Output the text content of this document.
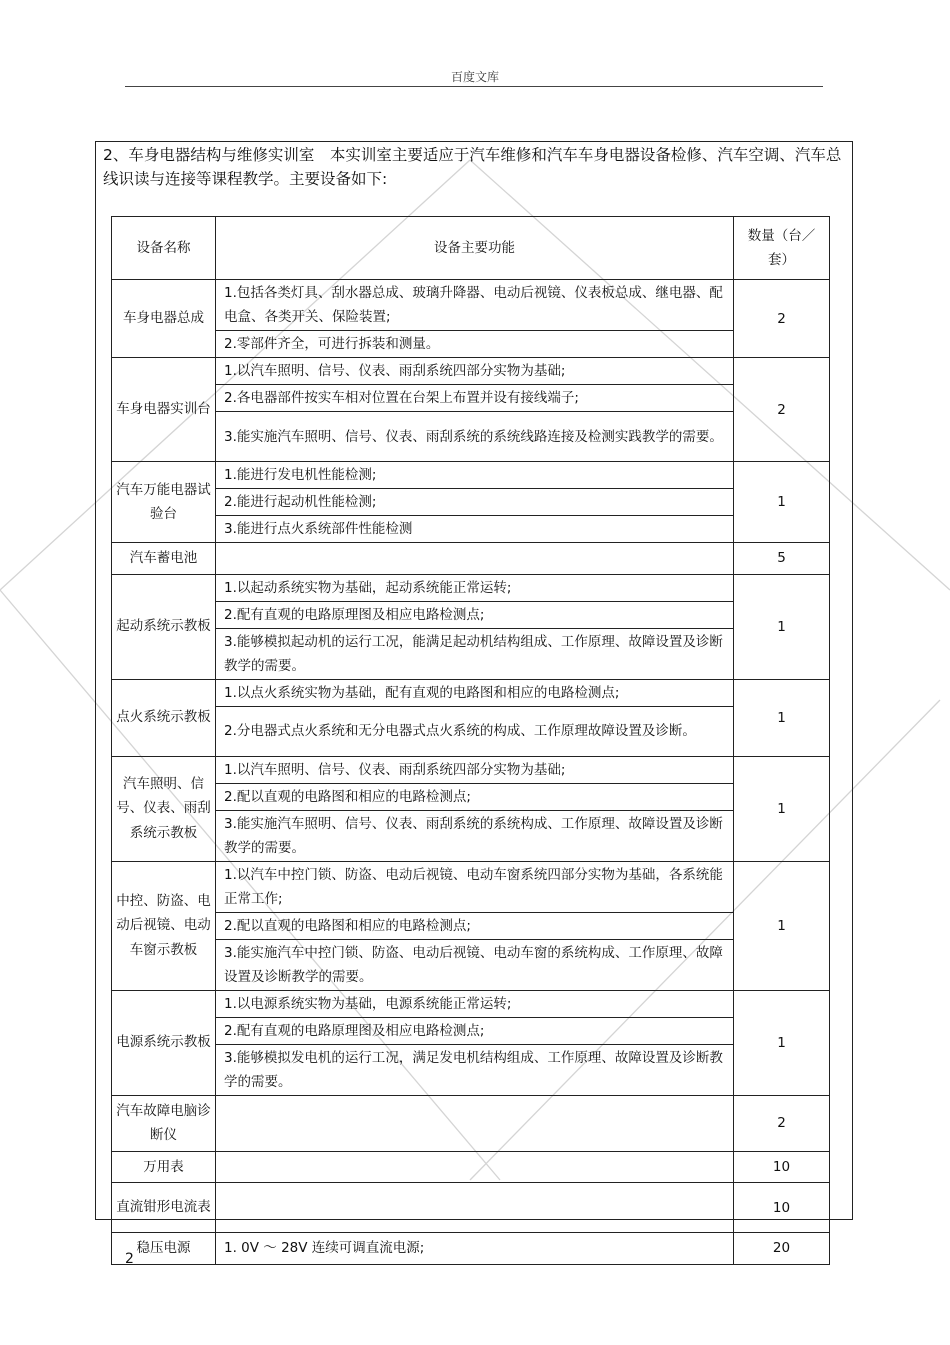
百度文库
2、车身电器结构与维修实训室　本实训室主要适应于汽车维修和汽车车身电器设备检修、汽车空调、汽车总线识读与连接等课程教学。主要设备如下:
设备名称	设备主要功能	数量（台／套）
车身电器总成	1.包括各类灯具、刮水器总成、玻璃升降器、电动后视镜、仪表板总成、继电器、配电盒、各类开关、保险装置;	2
	2.零部件齐全，可进行拆装和测量。	
车身电器实训台	1.以汽车照明、信号、仪表、雨刮系统四部分实物为基础;	2
	2.各电器部件按实车相对位置在台架上布置并设有接线端子;	
	3.能实施汽车照明、信号、仪表、雨刮系统的系统线路连接及检测实践教学的需要。	
汽车万能电器试验台	1.能进行发电机性能检测;	1
	2.能进行起动机性能检测;	
	3.能进行点火系统部件性能检测	
汽车蓄电池		5
起动系统示教板	1.以起动系统实物为基础，起动系统能正常运转;	1
	2.配有直观的电路原理图及相应电路检测点;	
	3.能够模拟起动机的运行工况，能满足起动机结构组成、工作原理、故障设置及诊断教学的需要。	
点火系统示教板	1.以点火系统实物为基础，配有直观的电路图和相应的电路检测点;	1
	2.分电器式点火系统和无分电器式点火系统的构成、工作原理故障设置及诊断。	
汽车照明、信号、仪表、雨刮系统示教板	1.以汽车照明、信号、仪表、雨刮系统四部分实物为基础;	1
	2.配以直观的电路图和相应的电路检测点;	
	3.能实施汽车照明、信号、仪表、雨刮系统的系统构成、工作原理、故障设置及诊断教学的需要。	
中控、防盗、电动后视镜、电动车窗示教板	1.以汽车中控门锁、防盗、电动后视镜、电动车窗系统四部分实物为基础，各系统能正常工作;	1
	2.配以直观的电路图和相应的电路检测点;	
	3.能实施汽车中控门锁、防盗、电动后视镜、电动车窗的系统构成、工作原理、故障设置及诊断教学的需要。	
电源系统示教板	1.以电源系统实物为基础，电源系统能正常运转;	1
	2.配有直观的电路原理图及相应电路检测点;	
	3.能够模拟发电机的运行工况，满足发电机结构组成、工作原理、故障设置及诊断教学的需要。	
汽车故障电脑诊断仪		2
万用表		10
直流钳形电流表		10
稳压电源	1. 0V ～ 28V 连续可调直流电源;	20
2
